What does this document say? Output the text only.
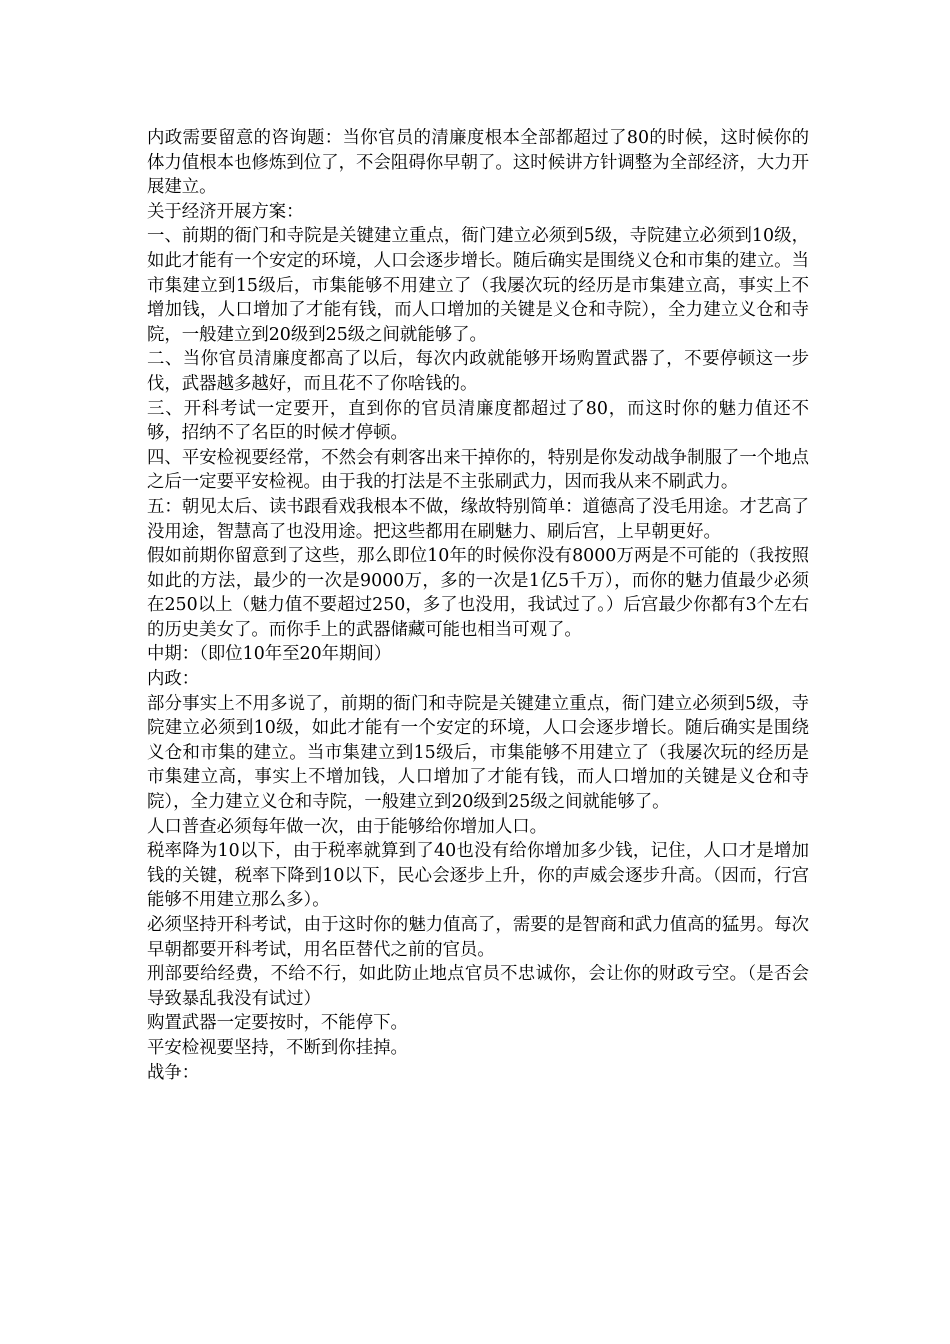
内政需要留意的咨询题：当你官员的清廉度根本全部都超过了80的时候，这时候你的体力值根本也修炼到位了，不会阻碍你早朝了。这时候讲方针调整为全部经济，大力开展建立。

关于经济开展方案：

一、前期的衙门和寺院是关键建立重点，衙门建立必须到5级，寺院建立必须到10级，如此才能有一个安定的环境，人口会逐步增长。随后确实是围绕义仓和市集的建立。当市集建立到15级后，市集能够不用建立了（我屡次玩的经历是市集建立高，事实上不增加钱，人口增加了才能有钱，而人口增加的关键是义仓和寺院），全力建立义仓和寺院，一般建立到20级到25级之间就能够了。

二、当你官员清廉度都高了以后，每次内政就能够开场购置武器了，不要停顿这一步伐，武器越多越好，而且花不了你啥钱的。

三、开科考试一定要开，直到你的官员清廉度都超过了80，而这时你的魅力值还不够，招纳不了名臣的时候才停顿。

四、平安检视要经常，不然会有刺客出来干掉你的，特别是你发动战争制服了一个地点之后一定要平安检视。由于我的打法是不主张刷武力，因而我从来不刷武力。

五：朝见太后、读书跟看戏我根本不做，缘故特别简单：道德高了没毛用途。才艺高了没用途，智慧高了也没用途。把这些都用在刷魅力、刷后宫，上早朝更好。

假如前期你留意到了这些，那么即位10年的时候你没有8000万两是不可能的（我按照如此的方法，最少的一次是9000万，多的一次是1亿5千万），而你的魅力值最少必须在250以上（魅力值不要超过250，多了也没用，我试过了。）后宫最少你都有3个左右的历史美女了。而你手上的武器储藏可能也相当可观了。

中期：（即位10年至20年期间）

内政：

部分事实上不用多说了，前期的衙门和寺院是关键建立重点，衙门建立必须到5级，寺院建立必须到10级，如此才能有一个安定的环境，人口会逐步增长。随后确实是围绕义仓和市集的建立。当市集建立到15级后，市集能够不用建立了（我屡次玩的经历是市集建立高，事实上不增加钱，人口增加了才能有钱，而人口增加的关键是义仓和寺院），全力建立义仓和寺院，一般建立到20级到25级之间就能够了。

人口普查必须每年做一次，由于能够给你增加人口。

税率降为10以下，由于税率就算到了40也没有给你增加多少钱，记住，人口才是增加钱的关键，税率下降到10以下，民心会逐步上升，你的声威会逐步升高。（因而，行宫能够不用建立那么多）。

必须坚持开科考试，由于这时你的魅力值高了，需要的是智商和武力值高的猛男。每次早朝都要开科考试，用名臣替代之前的官员。

刑部要给经费，不给不行，如此防止地点官员不忠诚你，会让你的财政亏空。（是否会导致暴乱我没有试过）

购置武器一定要按时，不能停下。

平安检视要坚持，不断到你挂掉。

战争：
